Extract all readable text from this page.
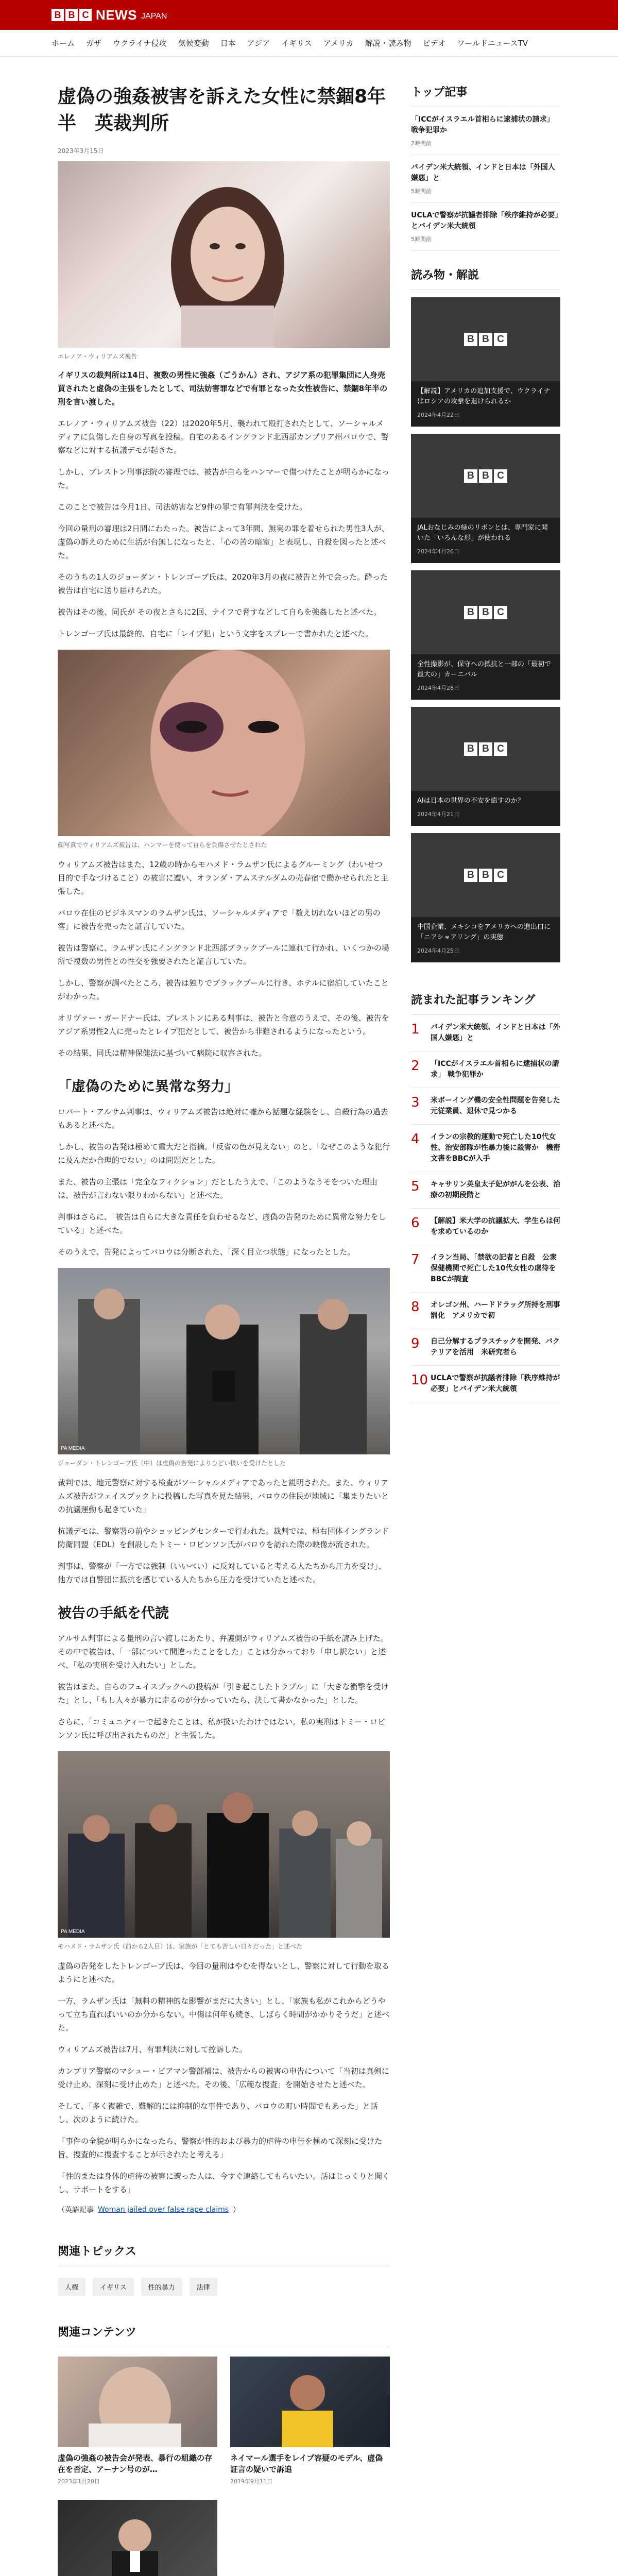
B B C NEWS JAPAN
ホーム	ガザ	ウクライナ侵攻	気候変動	日本	アジア	イギリス	アメリカ	解説・読み物	ビデオ	ワールドニュースTV
虚偽の強姦被害を訴えた女性に禁錮8年半　英裁判所
2023年3月15日
エレノア・ウィリアムズ被告

イギリスの裁判所は14日、複数の男性に強姦（ごうかん）され、アジア系の犯罪集団に人身売買されたと虚偽の主張をしたとして、司法妨害罪などで有罪となった女性被告に、禁錮8年半の刑を言い渡した。

エレノア・ウィリアムズ被告（22）は2020年5月、襲われて殴打されたとして、ソーシャルメディアに負傷した自身の写真を投稿。自宅のあるイングランド北西部カンブリア州バロウで、警察などに対する抗議デモが起きた。

しかし、プレストン刑事法院の審理では、被告が自らをハンマーで傷つけたことが明らかになった。

このことで被告は今月1日、司法妨害など9件の罪で有罪判決を受けた。

今回の量刑の審理は2日間にわたった。被告によって3年間、無実の罪を着せられた男性3人が、虚偽の訴えのために生活が台無しになったと、「心の苦の暗室」と表現し、自殺を図ったと述べた。

そのうちの1人のジョーダン・トレンゴーブ氏は、2020年3月の夜に被告と外で会った。酔った被告は自宅に送り届けられた。

被告はその後、同氏が その夜とさらに2回、ナイフで脅すなどして自らを強姦したと述べた。

トレンゴーブ氏は最終的、自宅に「レイプ犯」という文字をスプレーで書かれたと述べた。

顔写真でウィリアムズ被告は、ハンマーを使って自らを負傷させたとされた

ウィリアムズ被告はまた、12歳の時からモハメド・ラムザン氏によるグルーミング（わいせつ目的で手なづけること）の被害に遭い、オランダ・アムステルダムの売春宿で働かせられたと主張した。

バロウ在住のビジネスマンのラムザン氏は、ソーシャルメディアで「数え切れないほどの男の客」に被告を売ったと証言していた。

被告は警察に、ラムザン氏にイングランド北西部ブラックプールに連れて行かれ、いくつかの場所で複数の男性との性交を強要されたと証言していた。

しかし、警察が調べたところ、被告は独りでブラックプールに行き、ホテルに宿泊していたことがわかった。

オリヴァー・ガードナー氏は、プレストンにある判事は、被告と合意のうえで、その後、被告をアジア系男性2人に売ったとレイプ犯だとして、被告から非難されるようになったという。

その結果、同氏は精神保健法に基づいて病院に収容された。

「虚偽のために異常な努力」

ロバート・アルサム判事は、ウィリアムズ被告は絶対に嘘から話題な経験をし、自殺行為の過去もあると述べた。

しかし、被告の告発は極めて重大だと指摘。「反省の色が見えない」のと、「なぜこのような犯行に及んだか合理的でない」のは問題だとした。

また、被告の主張は「完全なフィクション」だとしたうえで、「このようなうそをついた理由は、被告が言わない限りわからない」と述べた。

判事はさらに、「被告は自らに大きな責任を負わせるなど、虚偽の告発のために異常な努力をしている」と述べた。

そのうえで、告発によってバロウは分断された、「深く目立つ状態」になったとした。

PA MEDIA
ジョーダン・トレンゴーブ氏（中）は虚偽の告発によりひどい扱いを受けたとした

裁判では、地元警察に対する検査がソーシャルメディアであったと説明された。また、ウィリアムズ被告がフェイスブック上に投稿した写真を見た結果、バロウの住民が地域に「集まりたいとの抗議運動も起きていた」

抗議デモは、警察署の前やショッピングセンターで行われた。裁判では、極右団体イングランド防衛同盟（EDL）を創設したトミー・ロビンソン氏がバロウを訪れた際の映像が流された。

判事は、警察が「一方では強制（いいべい）に反対していると考える人たちから圧力を受け」、他方では自警団に抵抗を感じている人たちから圧力を受けていたと述べた。

被告の手紙を代読

アルサム判事による量刑の言い渡しにあたり、弁護側がウィリアムズ被告の手紙を読み上げた。その中で被告は、「一部について間違ったことをした」ことは分かっており「申し訳ない」と述べ、「私の実刑を受け入れたい」とした。

被告はまた、自らのフェイスブックへの投稿が「引き起こしたトラブル」に「大きな衝撃を受けた」とし、「もし人々が暴力に走るのが分かっていたら、決して書かなかった」とした。

さらに、「コミュニティーで起きたことは、私が扱いたわけではない。私の実刑はトミー・ロビンソン氏に呼び出されたものだ」と主張した。

PA MEDIA
モハメド・ラムザン氏（前から2人目）は、家族が「とても苦しい日々だった」と述べた

虚偽の告発をしたトレンゴーブ氏は、今回の量刑はやむを得ないとし、警察に対して行動を取るようにと述べた。

一方、ラムザン氏は「無料の精神的な影響がまだに大きい」とし、「家族も私がこれからどうやって立ち直ればいいのか分からない。中傷は何年も続き、しばらく時間がかかりそうだ」と述べた。

ウィリアムズ被告は7月、有罪判決に対して控訴した。

カンブリア警察のマシュー・ピアマン警部補は、被告からの被害の申告について「当初は真剣に受け止め、深刻に受け止めた」と述べた。その後、「広範な捜査」を開始させたと述べた。

そして、「多く複雑で、難解的には抑制的な事件であり、バロウの町い時間でもあった」と話し、次のように続けた。

「事件の全貌が明らかになったら、警察が性的および暴力的虐待の申告を極めて深刻に受けた旨、捜査的に捜査することが示されたと考える」

「性的または身体的虐待の被害に遭った人は、今すぐ連絡してもらいたい。話はじっくりと聞くし、サポートをする」

（英語記事 Woman jailed over false rape claims ）
関連トピックス
人権	イギリス	性的暴力	法律
関連コンテンツ
虚偽の強姦の被告会が発表、暴行の組織の存在を否定、アーナン号のが…
2023年1月20日
ネイマール選手をレイプ容疑のモデル、虚偽証言の疑いで訴追
2019年9月11日
トップ記事
「ICCがイスラエル首相らに逮捕状の請求」 戦争犯罪か
2時間前
バイデン米大統領、インドと日本は「外国人嫌悪」と
5時間前
UCLAで警察が抗議者排除「秩序維持が必要」とバイデン米大統領
5時間前
読み物・解説
B B C
【解説】アメリカの追加支援で、ウクライナはロシアの攻撃を退けられるか
2024年4月22日
B B C
JALおなじみの緑のリボンとは、専門家に聞いた「いろんな形」が使われる
2024年4月26日
B B C
全性撮影が、保守への抵抗と一部の「最初で最大の」カーニバル
2024年4月28日
B B C
AIは日本の世界の不安を癒すのか？
2024年4月21日
B B C
中国企業、メキシコをアメリカへの進出口に 「ニアショアリング」の実態
2024年4月25日
読まれた記事ランキング
1	バイデン米大統領、インドと日本は「外国人嫌悪」と
2	「ICCがイスラエル首相らに逮捕状の請求」 戦争犯罪か
3	米ボーイング機の安全性問題を告発した元従業員、退休で見つかる
4	イランの宗教的運動で死亡した10代女性、治安部隊が性暴力後に殺害か　機密文書をBBCが入手
5	キャサリン英皇太子妃ががんを公表、治療の初期段階と
6	【解説】米大学の抗議拡大、学生らは何を求めているのか
7	イラン当局、「禁欲の記者と自殺　公衆保健機関で死亡した10代女性の虐待をBBCが調査
8	オレゴン州、ハードドラッグ所持を刑事罰化　アメリカで初
9	自己分解するプラスチックを開発、バクテリアを活用　米研究者ら
10 UCLAで警察が抗議者排除「秩序維持が必要」とバイデン米大統領
